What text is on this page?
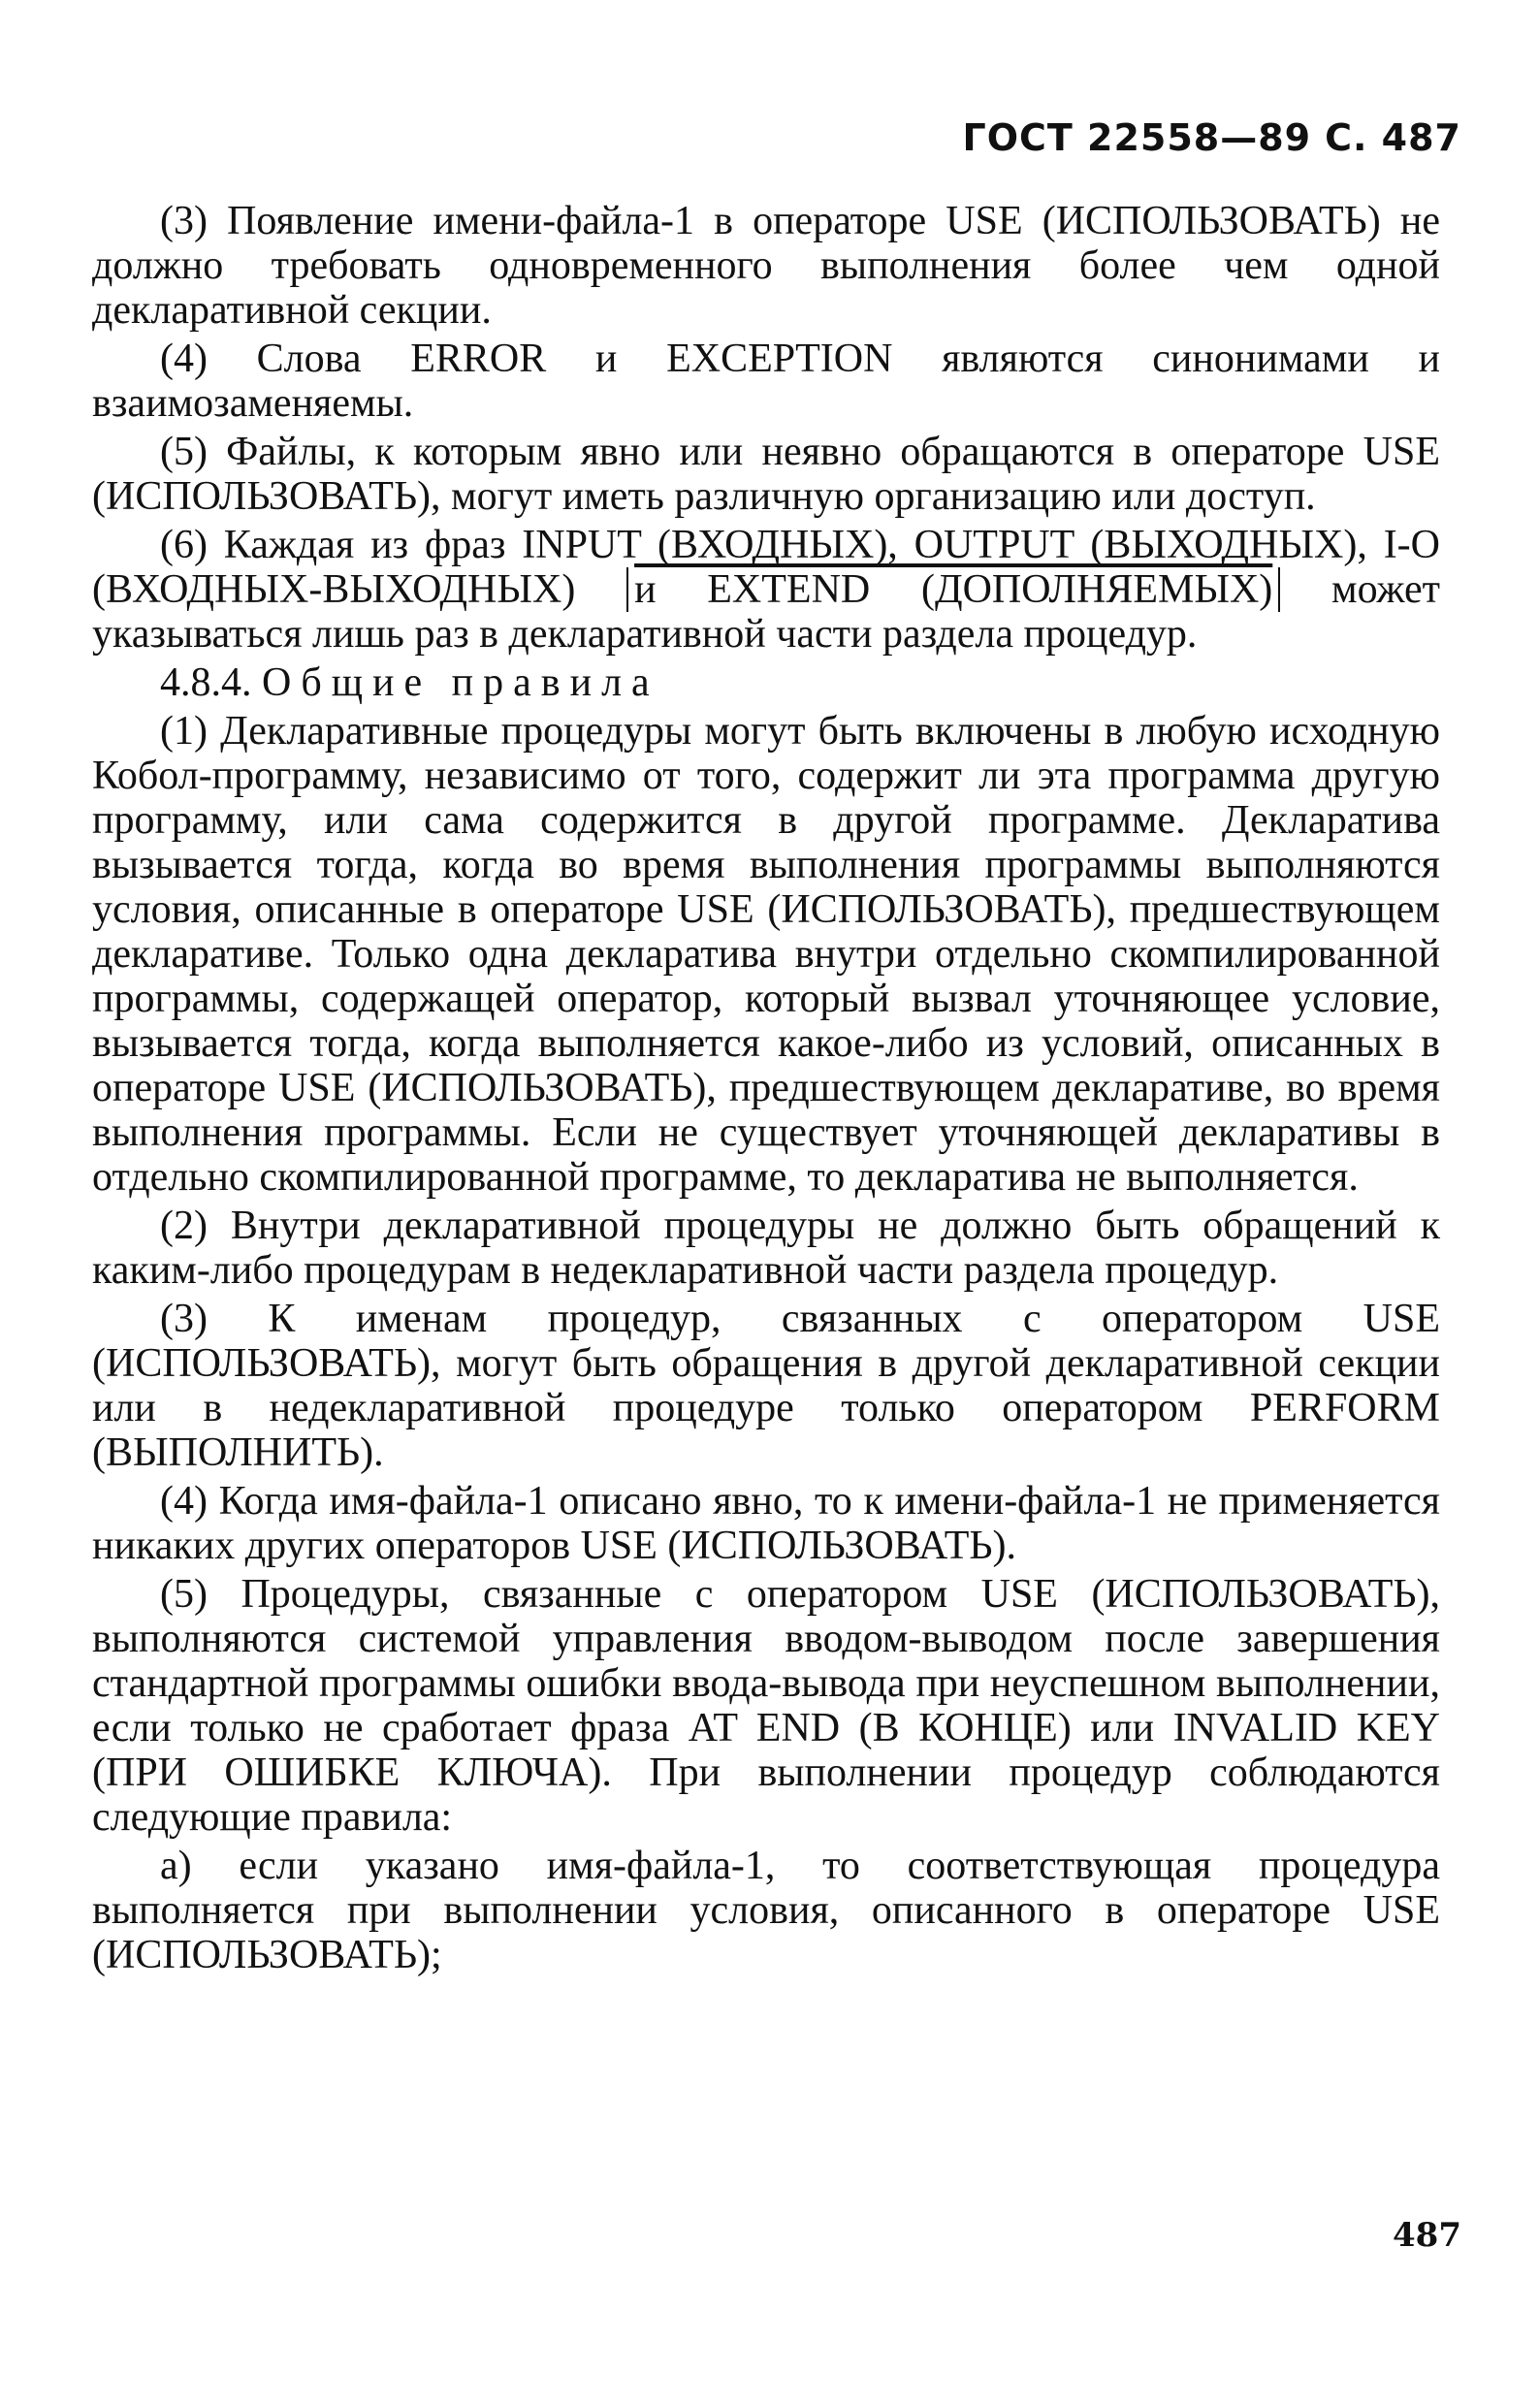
ГОСТ 22558—89 С. 487

(3) Появление имени-файла-1 в операторе USE (ИСПОЛЬЗОВАТЬ) не должно требовать одновременного выполнения более чем одной декларативной секции.

(4) Слова ERROR и EXCEPTION являются синонимами и взаимозаменяемы.

(5) Файлы, к которым явно или неявно обращаются в операторе USE (ИСПОЛЬЗОВАТЬ), могут иметь различную организацию или доступ.

(6) Каждая из фраз INPUT (ВХОДНЫХ), OUTPUT (ВЫХОДНЫХ), I-O (ВХОДНЫХ-ВЫХОДНЫХ) и EXTEND (ДОПОЛНЯЕМЫХ) может указываться лишь раз в декларативной части раздела процедур.

4.8.4. Общие правила

(1) Декларативные процедуры могут быть включены в любую исходную Кобол-программу, независимо от того, содержит ли эта программа другую программу, или сама содержится в другой программе. Декларатива вызывается тогда, когда во время выполнения программы выполняются условия, описанные в операторе USE (ИСПОЛЬЗОВАТЬ), предшествующем декларативе. Только одна декларатива внутри отдельно скомпилированной программы, содержащей оператор, который вызвал уточняющее условие, вызывается тогда, когда выполняется какое-либо из условий, описанных в операторе USE (ИСПОЛЬЗОВАТЬ), предшествующем декларативе, во время выполнения программы. Если не существует уточняющей декларативы в отдельно скомпилированной программе, то декларатива не выполняется.

(2) Внутри декларативной процедуры не должно быть обращений к каким-либо процедурам в недекларативной части раздела процедур.

(3) К именам процедур, связанных с оператором USE (ИСПОЛЬЗОВАТЬ), могут быть обращения в другой декларативной секции или в недекларативной процедуре только оператором PERFORM (ВЫПОЛНИТЬ).

(4) Когда имя-файла-1 описано явно, то к имени-файла-1 не применяется никаких других операторов USE (ИСПОЛЬЗОВАТЬ).

(5) Процедуры, связанные с оператором USE (ИСПОЛЬЗОВАТЬ), выполняются системой управления вводом-выводом после завершения стандартной программы ошибки ввода-вывода при неуспешном выполнении, если только не сработает фраза AT END (В КОНЦЕ) или INVALID KEY (ПРИ ОШИБКЕ КЛЮЧА). При выполнении процедур соблюдаются следующие правила:

а) если указано имя-файла-1, то соответствующая процедура выполняется при выполнении условия, описанного в операторе USE (ИСПОЛЬЗОВАТЬ);

487
